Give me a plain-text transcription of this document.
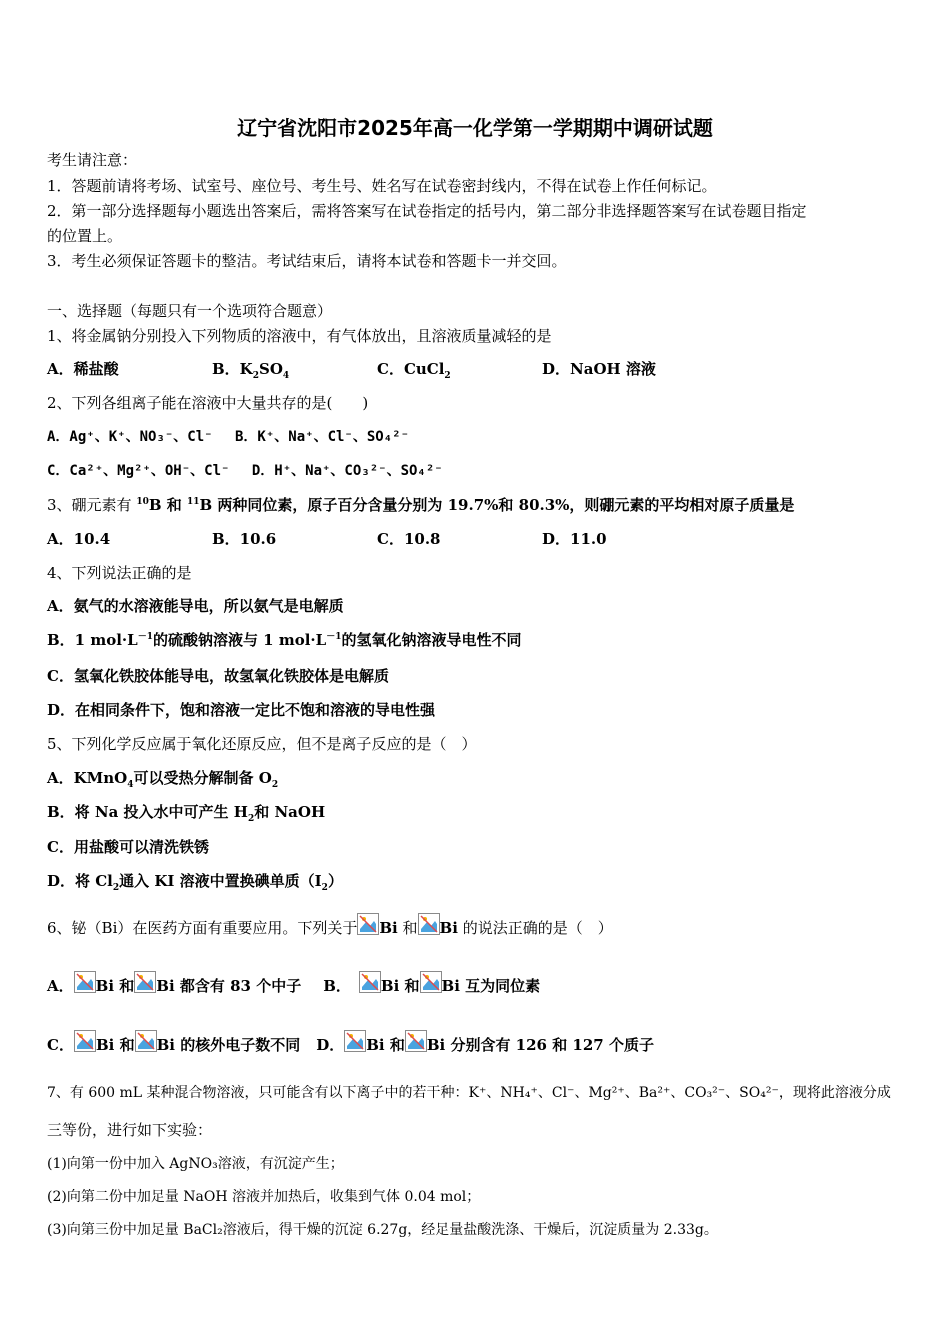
辽宁省沈阳市2025年高一化学第一学期期中调研试题
考生请注意：
1．答题前请将考场、试室号、座位号、考生号、姓名写在试卷密封线内，不得在试卷上作任何标记。
2．第一部分选择题每小题选出答案后，需将答案写在试卷指定的括号内，第二部分非选择题答案写在试卷题目指定
的位置上。
3．考生必须保证答题卡的整洁。考试结束后，请将本试卷和答题卡一并交回。
一、选择题（每题只有一个选项符合题意）
1、将金属钠分别投入下列物质的溶液中，有气体放出，且溶液质量减轻的是
A．稀盐酸	B．$K_2SO_4$	C．CuCl$_2$	D．NaOH 溶液
2、下列各组离子能在溶液中大量共存的是(　　)
A．Ag⁺、K⁺、NO₃⁻、Cl⁻　 B．K⁺、Na⁺、Cl⁻、SO₄²⁻
C．Ca²⁺、Mg²⁺、OH⁻、Cl⁻　 D．H⁺、Na⁺、CO₃²⁻、SO₄²⁻
3、硼元素有 $^{10}$B 和 $^{11}$B 两种同位素，原子百分含量分别为 19.7%和 80.3%，则硼元素的平均相对原子质量是
A．10.4	B．10.6	C．10.8	D．11.0
4、下列说法正确的是
A．氨气的水溶液能导电，所以氨气是电解质
B．1 $mol\cdot L^{-1}$的硫酸钠溶液与 1 $mol\cdot L^{-1}$的氢氧化钠溶液导电性不同
C．氢氧化铁胶体能导电，故氢氧化铁胶体是电解质
D．在相同条件下，饱和溶液一定比不饱和溶液的导电性强
5、下列化学反应属于氧化还原反应，但不是离子反应的是（　）
A．KMnO$_4$可以受热分解制备 $O_2$
B．将 Na 投入水中可产生 $H_2$和 NaOH
C．用盐酸可以清洗铁锈
D．将 $Cl_2$通入 KI 溶液中置换碘单质$(I_2)$
6、铋（Bi）在医药方面有重要应用。下列关于 Bi 和 Bi 的说法正确的是（　）
A． Bi 和 Bi 都含有 83 个中子 B． Bi 和 Bi 互为同位素
C． Bi 和 Bi 的核外电子数不同 D． Bi 和 Bi 分别含有 126 和 127 个质子
7、有 600 mL 某种混合物溶液，只可能含有以下离子中的若干种：K⁺、NH₄⁺、Cl⁻、Mg²⁺、Ba²⁺、CO₃²⁻、SO₄²⁻，现将此溶液分成
三等份，进行如下实验：
(1)向第一份中加入 AgNO₃溶液，有沉淀产生；
(2)向第二份中加足量 NaOH 溶液并加热后，收集到气体 0.04 mol；
(3)向第三份中加足量 BaCl₂溶液后，得干燥的沉淀 6.27g，经足量盐酸洗涤、干燥后，沉淀质量为 2.33g。
